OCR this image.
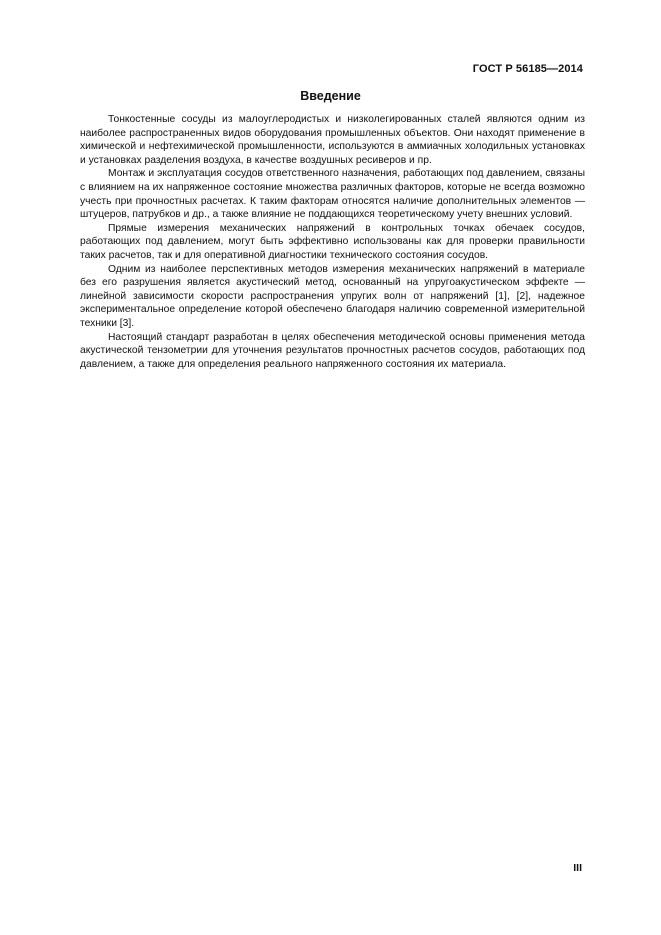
ГОСТ Р 56185—2014
Введение

Тонкостенные сосуды из малоуглеродистых и низколегированных сталей являются одним из наиболее распространенных видов оборудования промышленных объектов. Они находят применение в химической и нефтехимической промышленности, используются в аммиачных холодильных установках и установках разделения воздуха, в качестве воздушных ресиверов и пр.

Монтаж и эксплуатация сосудов ответственного назначения, работающих под давлением, связаны с влиянием на их напряженное состояние множества различных факторов, которые не всегда возможно учесть при прочностных расчетах. К таким факторам относятся наличие дополнительных элементов — штуцеров, патрубков и др., а также влияние не поддающихся теоретическому учету внешних условий.

Прямые измерения механических напряжений в контрольных точках обечаек сосудов, работающих под давлением, могут быть эффективно использованы как для проверки правильности таких расчетов, так и для оперативной диагностики технического состояния сосудов.

Одним из наиболее перспективных методов измерения механических напряжений в материале без его разрушения является акустический метод, основанный на упругоакустическом эффекте — линейной зависимости скорости распространения упругих волн от напряжений [1], [2], надежное экспериментальное определение которой обеспечено благодаря наличию современной измерительной техники [3].

Настоящий стандарт разработан в целях обеспечения методической основы применения метода акустической тензометрии для уточнения результатов прочностных расчетов сосудов, работающих под давлением, а также для определения реального напряженного состояния их материала.

III
